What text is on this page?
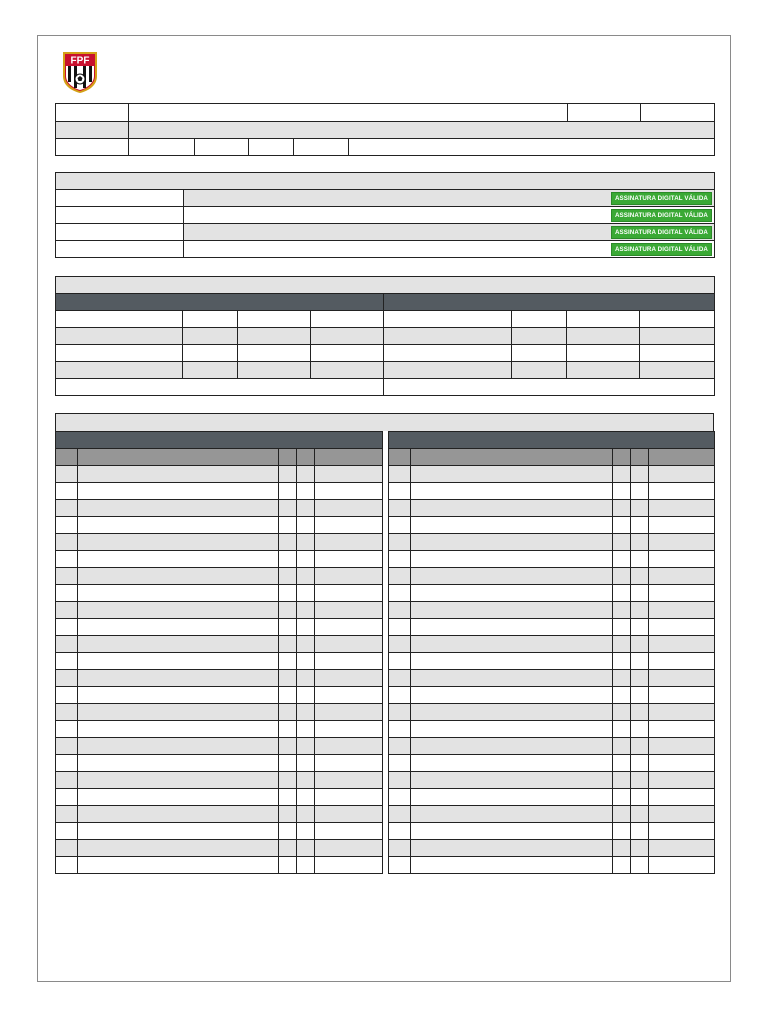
FPF

	ASSINATURA DIGITAL VÁLIDA

	ASSINATURA DIGITAL VÁLIDA

	ASSINATURA DIGITAL VÁLIDA

	ASSINATURA DIGITAL VÁLIDA
